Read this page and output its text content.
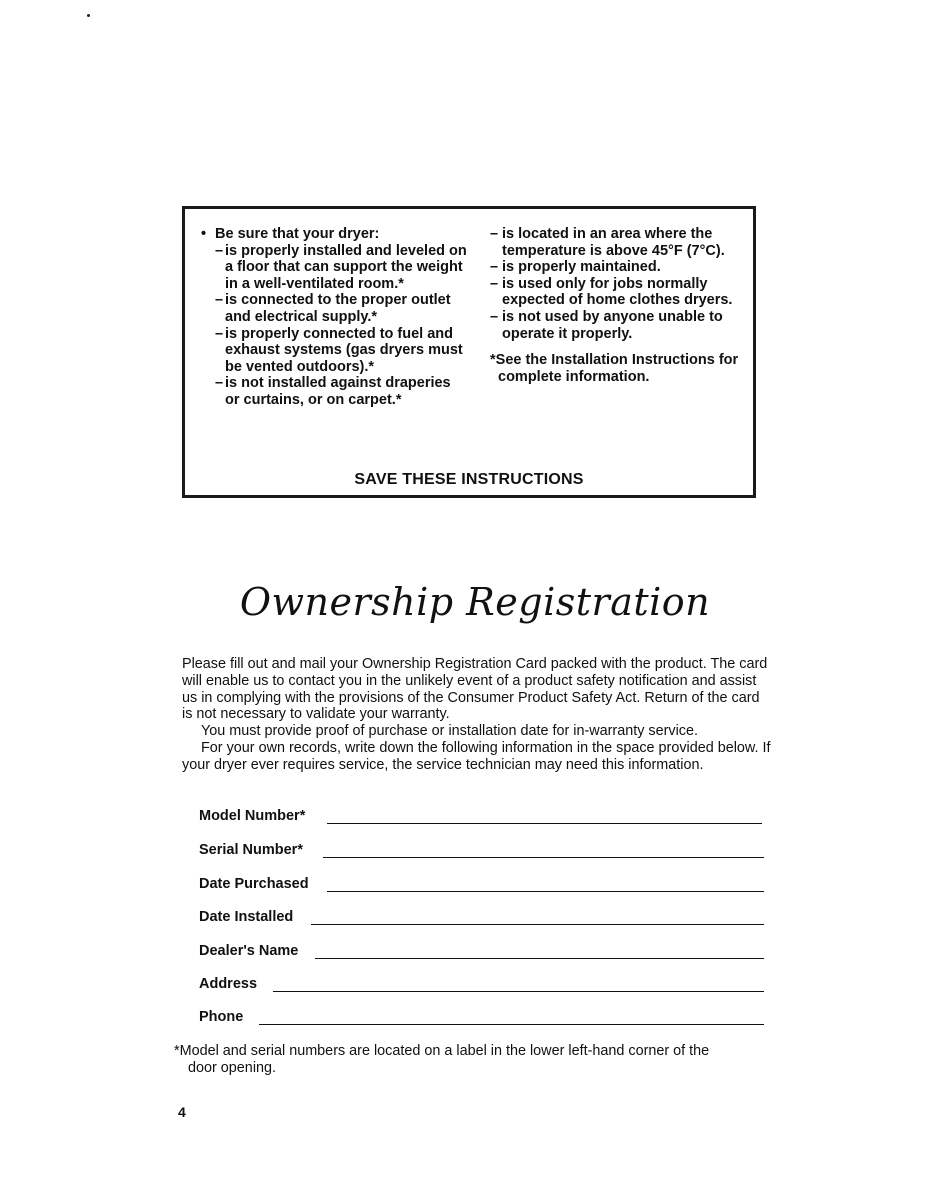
• Be sure that your dryer:
– is properly installed and leveled on a floor that can support the weight in a well-ventilated room.*
– is connected to the proper outlet and electrical supply.*
– is properly connected to fuel and exhaust systems (gas dryers must be vented outdoors).*
– is not installed against draperies or curtains, or on carpet.*
– is located in an area where the temperature is above 45°F (7°C).
– is properly maintained.
– is used only for jobs normally expected of home clothes dryers.
– is not used by anyone unable to operate it properly.
*See the Installation Instructions for complete information.
SAVE THESE INSTRUCTIONS
Ownership Registration

Please fill out and mail your Ownership Registration Card packed with the product. The card will enable us to contact you in the unlikely event of a product safety notification and assist us in complying with the provisions of the Consumer Product Safety Act. Return of the card is not necessary to validate your warranty.

You must provide proof of purchase or installation date for in-warranty service.

For your own records, write down the following information in the space provided below. If your dryer ever requires service, the service technician may need this information.

Model Number*
Serial Number*
Date Purchased
Date Installed
Dealer's Name
Address
Phone

*Model and serial numbers are located on a label in the lower left-hand corner of the

door opening.

4
